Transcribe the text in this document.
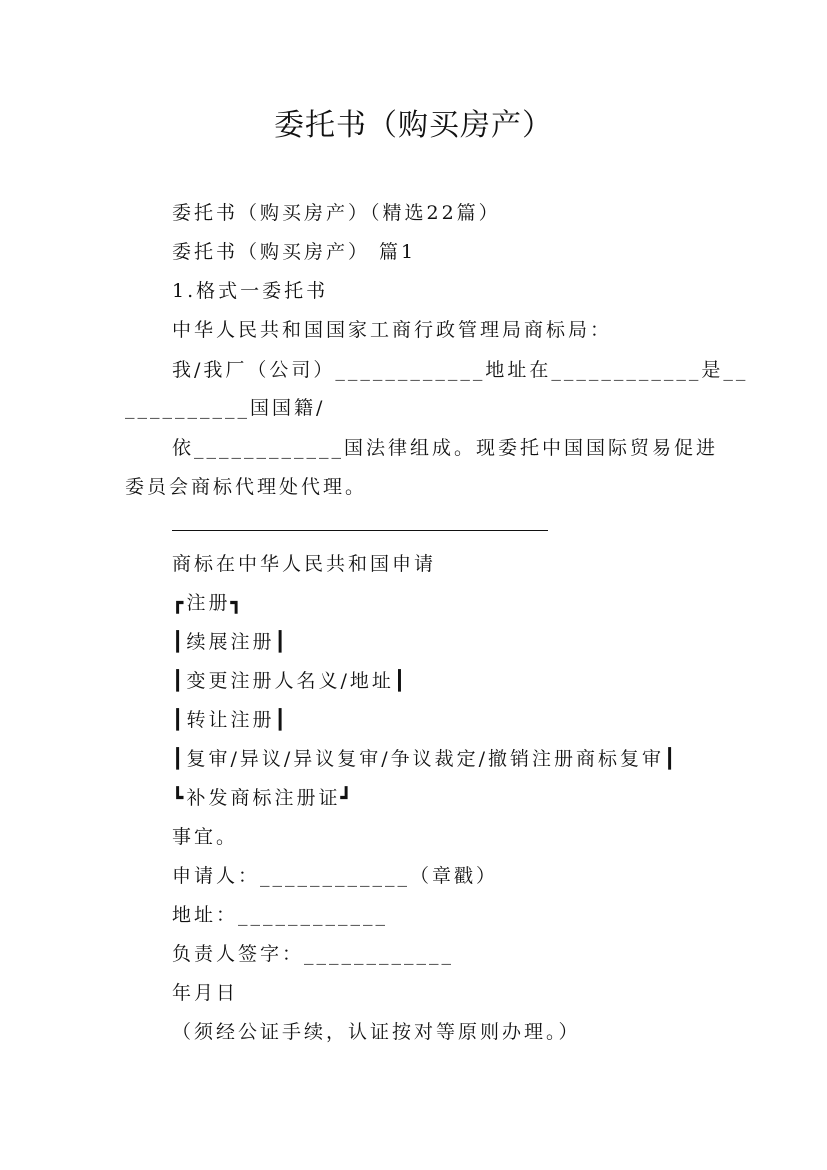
委托书（购买房产）
委托书（购买房产）（精选22篇）
委托书（购买房产） 篇1
1.格式一委托书
中华人民共和国国家工商行政管理局商标局：
我/我厂（公司）____________地址在____________是__
__________国国籍/
依____________国法律组成。现委托中国国际贸易促进
委员会商标代理处代理。
商标在中华人民共和国申请
┏注册┓
┃续展注册┃
┃变更注册人名义/地址┃
┃转让注册┃
┃复审/异议/异议复审/争议裁定/撤销注册商标复审┃
┗补发商标注册证┛
事宜。
申请人：____________（章戳）
地址：____________
负责人签字：____________
年月日
（须经公证手续，认证按对等原则办理。）
